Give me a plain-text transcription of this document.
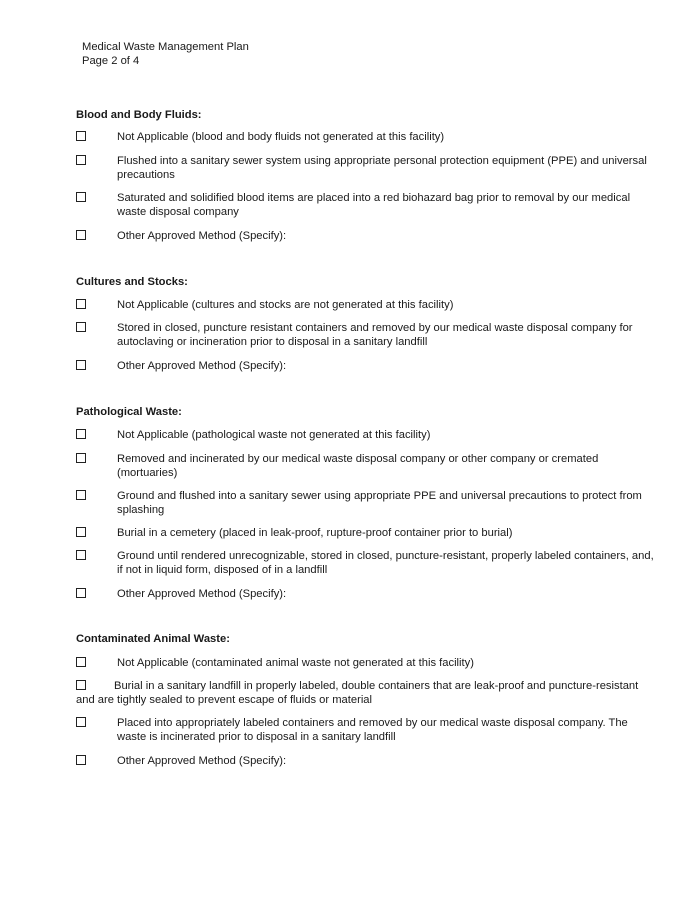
Medical Waste Management Plan
Page 2 of 4
Blood and Body Fluids:
Not Applicable (blood and body fluids not generated at this facility)
Flushed into a sanitary sewer system using appropriate personal protection equipment (PPE) and universal precautions
Saturated and solidified blood items are placed into a red biohazard bag prior to removal by our medical waste disposal company
Other Approved Method (Specify):
Cultures and Stocks:
Not Applicable (cultures and stocks are not generated at this facility)
Stored in closed, puncture resistant containers and removed by our medical waste disposal company for autoclaving or incineration prior to disposal in a sanitary landfill
Other Approved Method (Specify):
Pathological Waste:
Not Applicable (pathological waste not generated at this facility)
Removed and incinerated by our medical waste disposal company or other company or cremated (mortuaries)
Ground and flushed into a sanitary sewer using appropriate PPE and universal precautions to protect from splashing
Burial in a cemetery (placed in leak-proof, rupture-proof container prior to burial)
Ground until rendered unrecognizable, stored in closed, puncture-resistant, properly labeled containers, and, if not in liquid form, disposed of in a landfill
Other Approved Method (Specify):
Contaminated Animal Waste:
Not Applicable (contaminated animal waste not generated at this facility)
Burial in a sanitary landfill in properly labeled, double containers that are leak-proof and puncture-resistant and are tightly sealed to prevent escape of fluids or material
Placed into appropriately labeled containers and removed by our medical waste disposal company. The waste is incinerated prior to disposal in a sanitary landfill
Other Approved Method (Specify):
